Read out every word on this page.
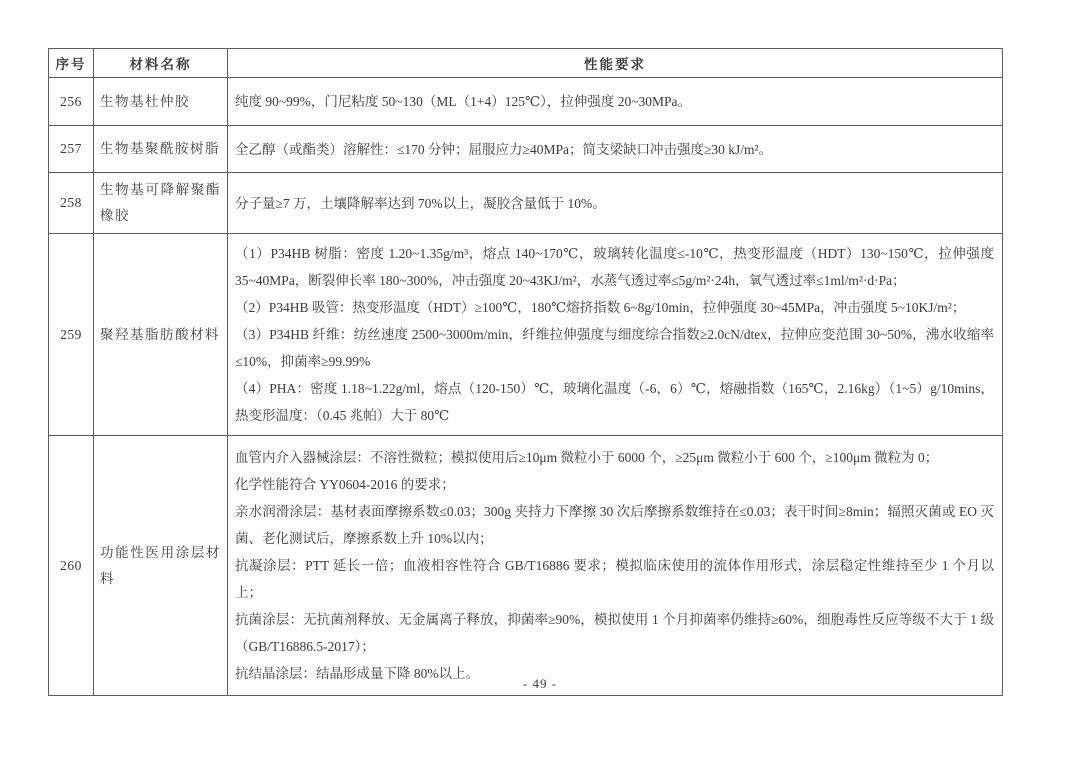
序号	材料名称	性能要求
256	生物基杜仲胶	纯度 90~99%，门尼粘度 50~130（ML（1+4）125℃），拉伸强度 20~30MPa。

257	生物基聚酰胺树脂	全乙醇（或酯类）溶解性：≤170 分钟；屈服应力≥40MPa；简支梁缺口冲击强度≥30 kJ/m²。

258	生物基可降解聚酯橡胶	分子量≥7 万，土壤降解率达到 70%以上，凝胶含量低于 10%。

259	聚羟基脂肪酸材料	（1）P34HB 树脂：密度 1.20~1.35g/m³，熔点 140~170℃，玻璃转化温度≤-10℃，热变形温度（HDT）130~150℃，拉伸强度 35~40MPa，断裂伸长率 180~300%，冲击强度 20~43KJ/m²，水蒸气透过率≤5g/m²·24h，氧气透过率≤1ml/m²·d·Pa；

（2）P34HB 吸管：热变形温度（HDT）≥100℃，180℃熔挤指数 6~8g/10min，拉伸强度 30~45MPa，冲击强度 5~10KJ/m²；

（3）P34HB 纤维：纺丝速度 2500~3000m/min，纤维拉伸强度与细度综合指数≥2.0cN/dtex，拉伸应变范围 30~50%，沸水收缩率≤10%，抑菌率≥99.99%

（4）PHA：密度 1.18~1.22g/ml，熔点（120-150）℃，玻璃化温度（-6，6）℃，熔融指数（165℃，2.16kg）（1~5）g/10mins，热变形温度：（0.45 兆帕）大于 80℃

260	功能性医用涂层材料	

血管内介入器械涂层：不溶性微粒；模拟使用后≥10μm 微粒小于 6000 个，≥25μm 微粒小于 600 个，≥100μm 微粒为 0；

化学性能符合 YY0604-2016 的要求；

亲水润滑涂层：基材表面摩擦系数≤0.03；300g 夹持力下摩擦 30 次后摩擦系数维持在≤0.03；表干时间≥8min；辐照灭菌或 EO 灭菌、老化测试后，摩擦系数上升 10%以内；

抗凝涂层：PTT 延长一倍；血液相容性符合 GB/T16886 要求；模拟临床使用的流体作用形式，涂层稳定性维持至少 1 个月以上；

抗菌涂层：无抗菌剂释放、无金属离子释放，抑菌率≥90%，模拟使用 1 个月抑菌率仍维持≥60%，细胞毒性反应等级不大于 1 级（GB/T16886.5-2017）；

抗结晶涂层：结晶形成量下降 80%以上。

- 49 -
